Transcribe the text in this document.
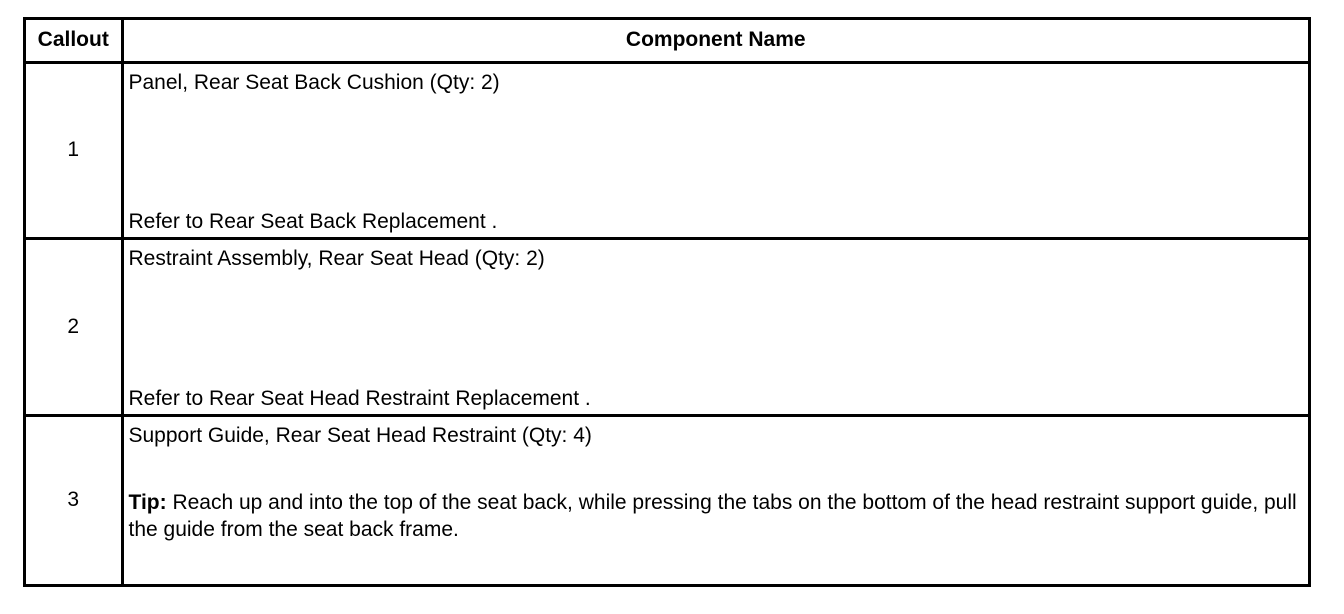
Callout	Component Name
1	Panel, Rear Seat Back Cushion (Qty: 2)
Refer to Rear Seat Back Replacement .

2	Restraint Assembly, Rear Seat Head (Qty: 2)
Refer to Rear Seat Head Restraint Replacement .

3	Support Guide, Rear Seat Head Restraint (Qty: 4)
Tip: Reach up and into the top of the seat back, while pressing the tabs on the bottom of the head restraint support guide, pull the guide from the seat back frame.
